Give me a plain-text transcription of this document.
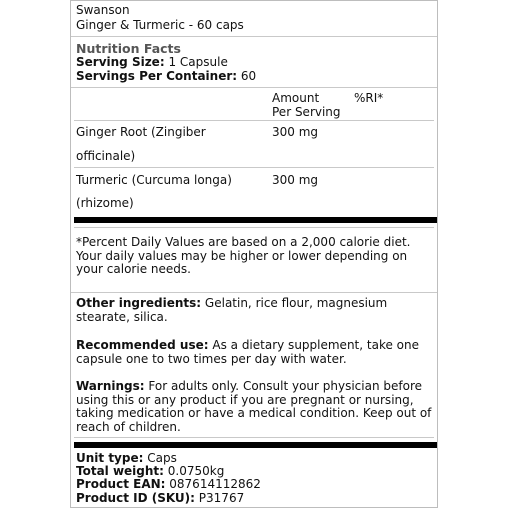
Swanson

Ginger & Turmeric - 60 caps

Nutrition Facts

Serving Size: 1 Capsule

Servings Per Container: 60

Amount	%RI*
Per Serving
Ginger Root (Zingiber	300 mg
officinale)
Turmeric (Curcuma longa)	300 mg
(rhizome)

*Percent Daily Values are based on a 2,000 calorie diet. Your daily values may be higher or lower depending on your calorie needs.

Other ingredients: Gelatin, rice flour, magnesium stearate, silica.

Recommended use: As a dietary supplement, take one capsule one to two times per day with water.

Warnings: For adults only. Consult your physician before using this or any product if you are pregnant or nursing, taking medication or have a medical condition. Keep out of reach of children.

Unit type: Caps

Total weight: 0.0750kg

Product EAN: 087614112862

Product ID (SKU): P31767
